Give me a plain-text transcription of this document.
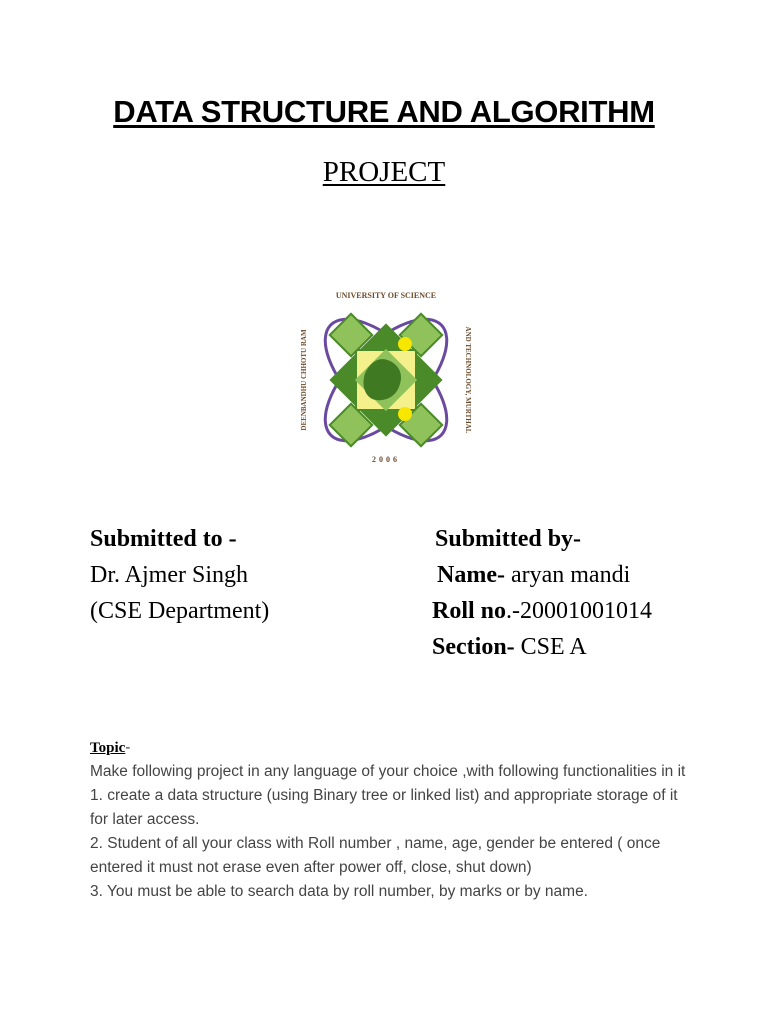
DATA STRUCTURE AND ALGORITHM
PROJECT
UNIVERSITY OF SCIENCE
DEENBANDHU CHHOTU RAM	AND TECHNOLOGY, MURTHAL
2006
Submitted to -
Dr. Ajmer Singh
(CSE Department)
Submitted by-
Name- aryan mandi
Roll no.-20001001014
Section- CSE A
Topic-

Make following project in any language of your choice ,with following functionalities in it

1. create a data structure (using Binary tree or linked list) and appropriate storage of it for later access.

2. Student of all your class with Roll number , name, age, gender be entered ( once entered it must not erase even after power off, close, shut down)

3. You must be able to search data by roll number, by marks or by name.
